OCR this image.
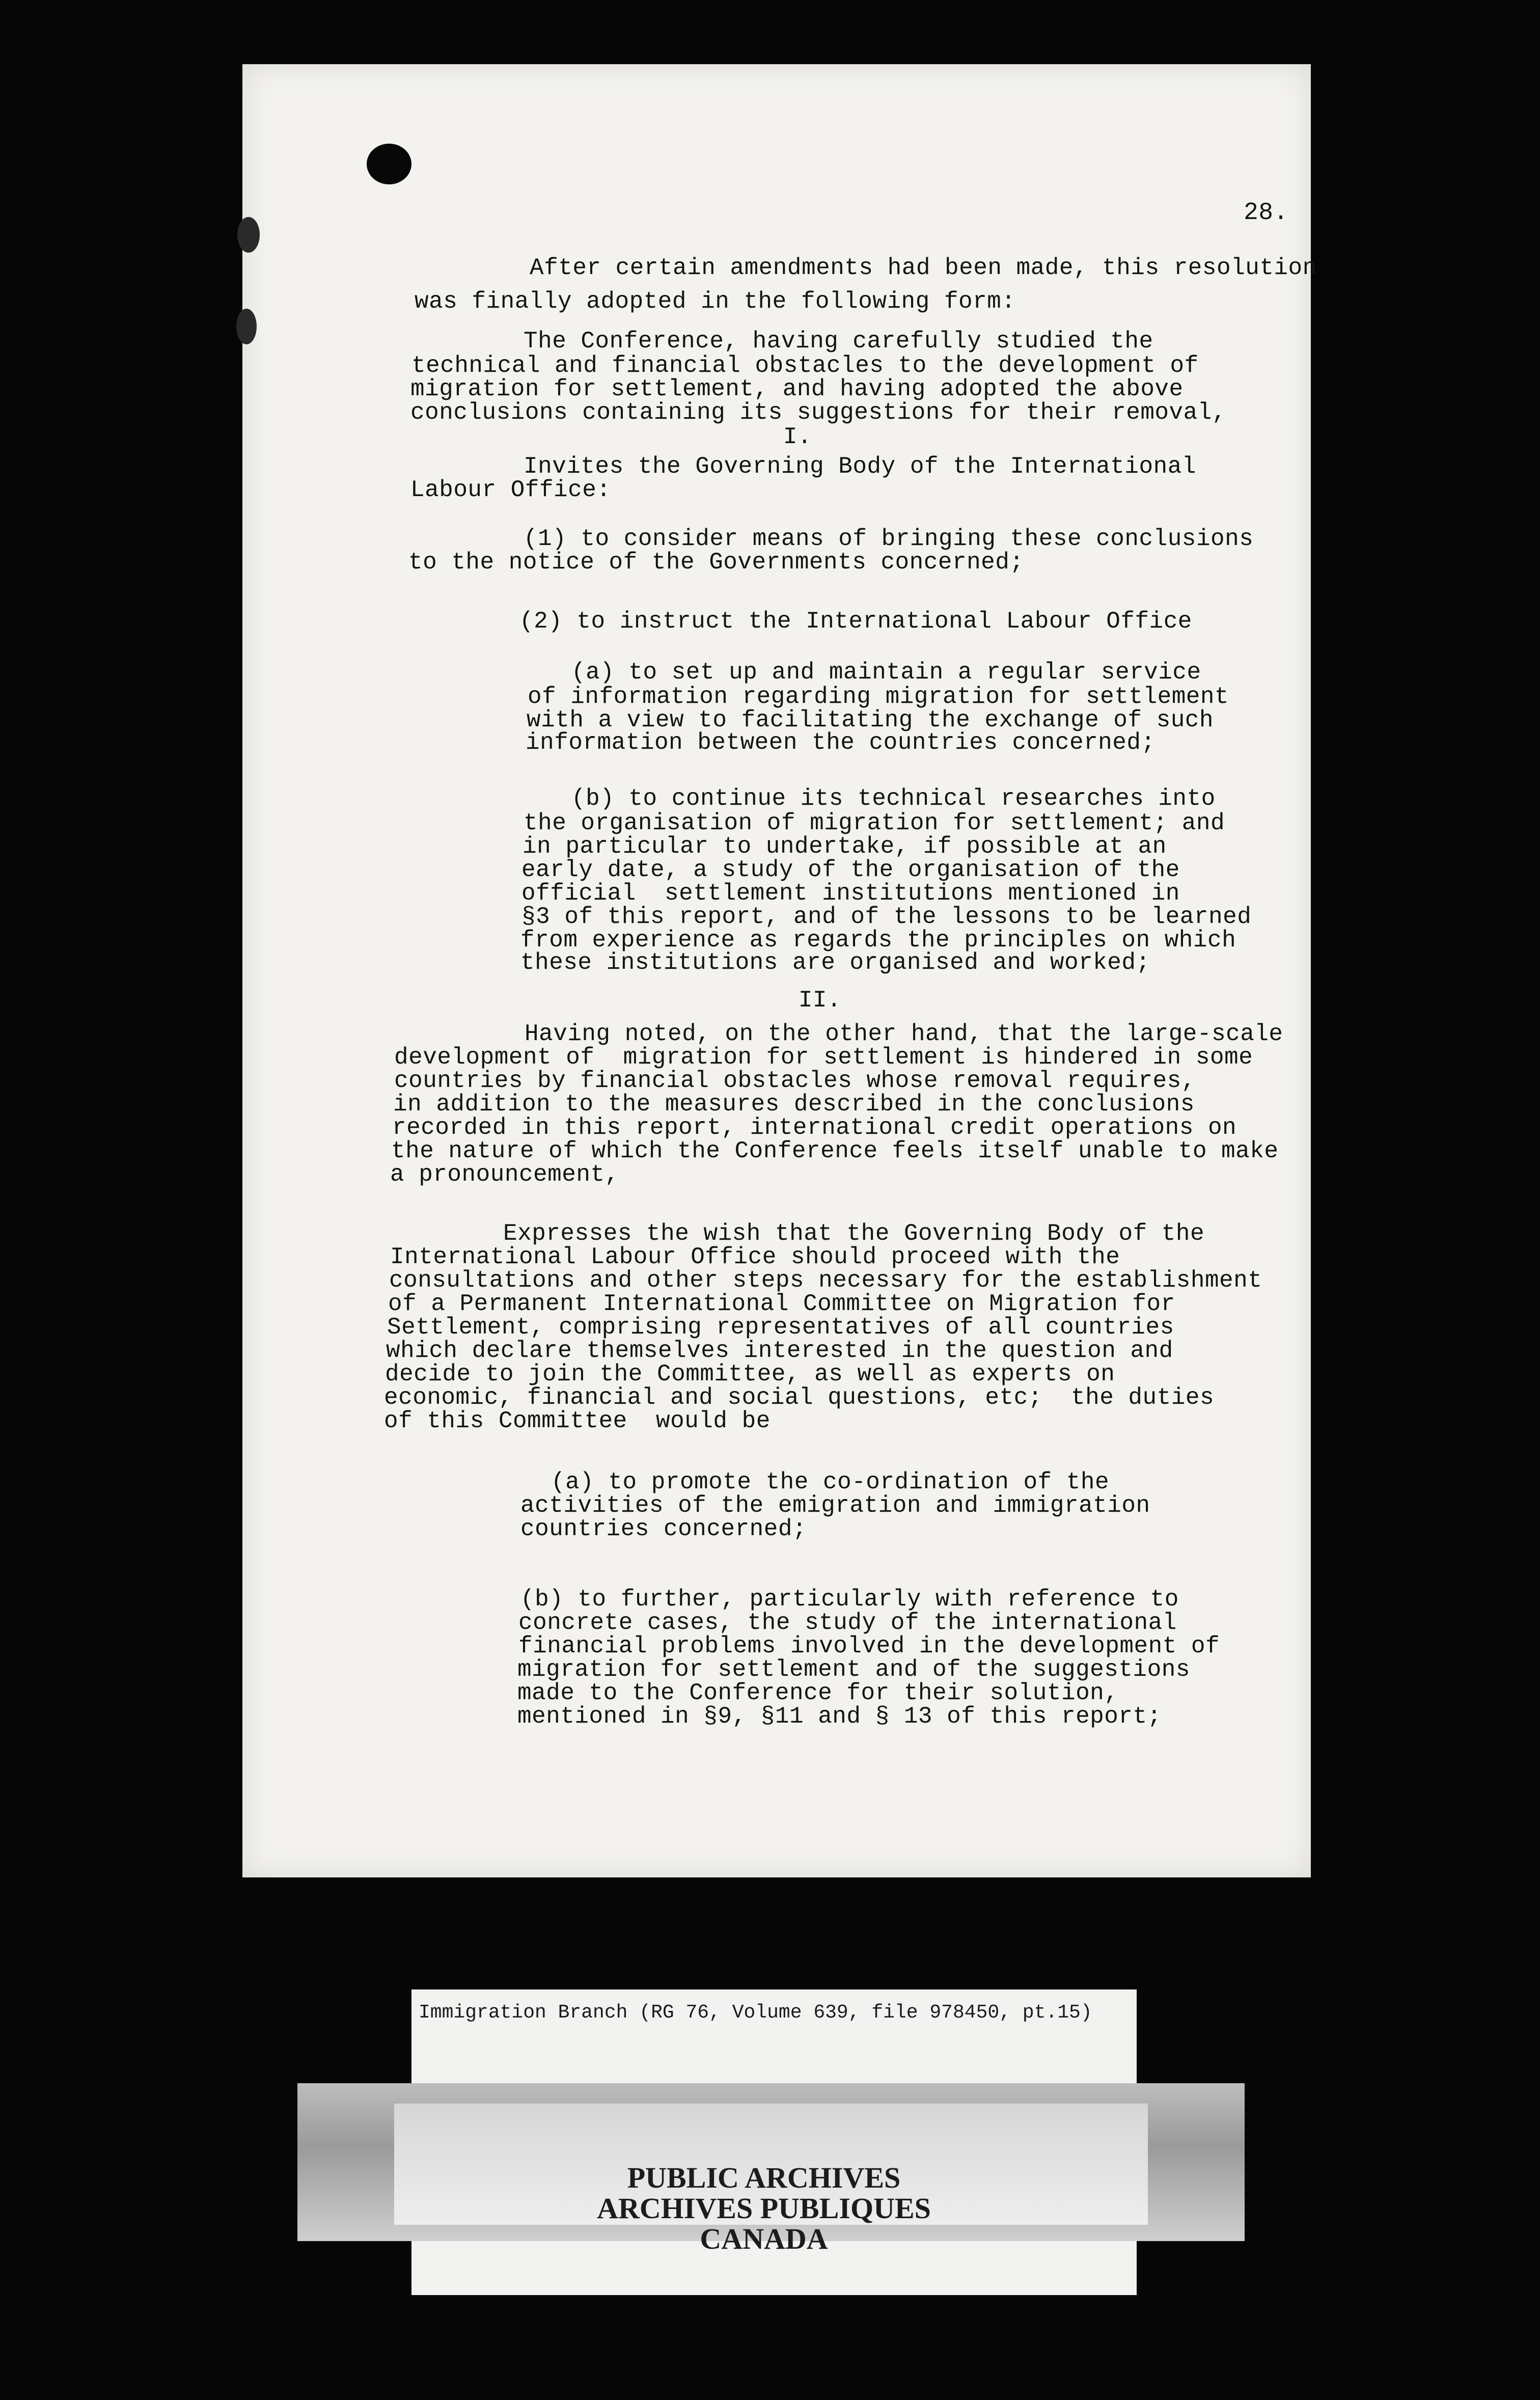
28.

After certain amendments had been made, this resolution

was finally adopted in the following form:

The Conference, having carefully studied the

technical and financial obstacles to the development of

migration for settlement, and having adopted the above

conclusions containing its suggestions for their removal,

I.

Invites the Governing Body of the International

Labour Office:

(1) to consider means of bringing these conclusions

to the notice of the Governments concerned;

(2) to instruct the International Labour Office

(a) to set up and maintain a regular service

of information regarding migration for settlement

with a view to facilitating the exchange of such

information between the countries concerned;

(b) to continue its technical researches into

the organisation of migration for settlement; and

in particular to undertake, if possible at an

early date, a study of the organisation of the

official  settlement institutions mentioned in

§3 of this report, and of the lessons to be learned

from experience as regards the principles on which

these institutions are organised and worked;

II.

Having noted, on the other hand, that the large-scale

development of  migration for settlement is hindered in some

countries by financial obstacles whose removal requires,

in addition to the measures described in the conclusions

recorded in this report, international credit operations on

the nature of which the Conference feels itself unable to make

a pronouncement,

Expresses the wish that the Governing Body of the

International Labour Office should proceed with the

consultations and other steps necessary for the establishment

of a Permanent International Committee on Migration for

Settlement, comprising representatives of all countries

which declare themselves interested in the question and

decide to join the Committee, as well as experts on

economic, financial and social questions, etc;  the duties

of this Committee  would be

(a) to promote the co-ordination of the

activities of the emigration and immigration

countries concerned;

(b) to further, particularly with reference to

concrete cases, the study of the international

financial problems involved in the development of

migration for settlement and of the suggestions

made to the Conference for their solution,

mentioned in §9, §11 and § 13 of this report;

Immigration Branch (RG 76, Volume 639, file 978450, pt.15)
PUBLIC ARCHIVES
ARCHIVES PUBLIQUES
CANADA
